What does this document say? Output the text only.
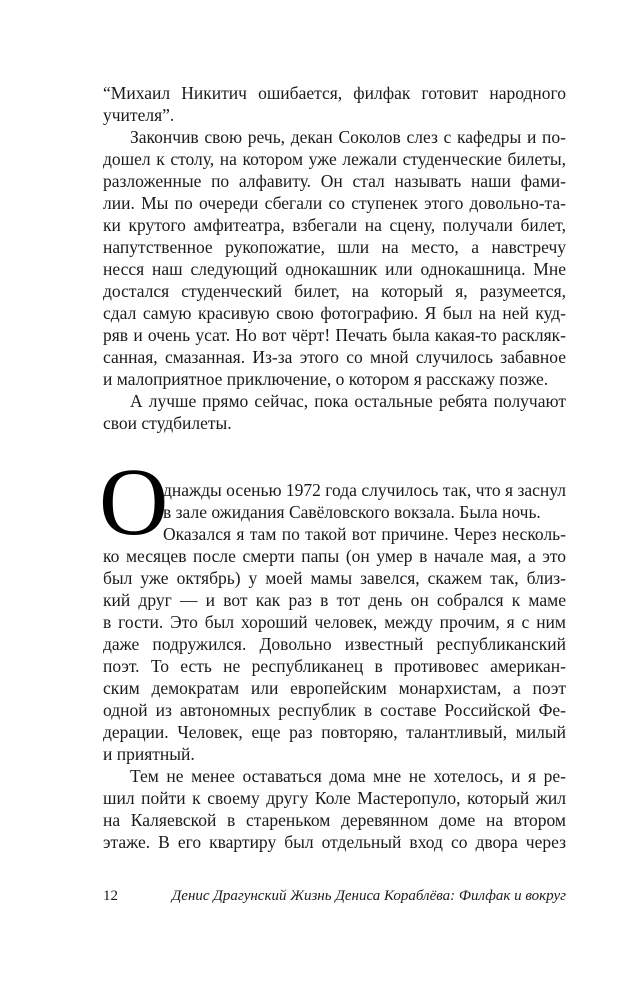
“Михаил Никитич ошибается, филфак готовит народного
учителя”.
Закончив свою речь, декан Соколов слез с кафедры и по-
дошел к столу, на котором уже лежали студенческие билеты,
разложенные по алфавиту. Он стал называть наши фами-
лии. Мы по очереди сбегали со ступенек этого довольно-та-
ки крутого амфитеатра, взбегали на сцену, получали билет,
напутственное рукопожатие, шли на место, а навстречу
несся наш следующий однокашник или однокашница. Мне
достался студенческий билет, на который я, разумеется,
сдал самую красивую свою фотографию. Я был на ней куд-
ряв и очень усат. Но вот чёрт! Печать была какая-то раскляк-
санная, смазанная. Из-за этого со мной случилось забавное
и малоприятное приключение, о котором я расскажу позже.
А лучше прямо сейчас, пока остальные ребята получают
свои студбилеты.
О
днажды осенью 1972 года случилось так, что я заснул
в зале ожидания Савёловского вокзала. Была ночь.
Оказался я там по такой вот причине. Через несколь-
ко месяцев после смерти папы (он умер в начале мая, а это
был уже октябрь) у моей мамы завелся, скажем так, близ-
кий друг — и вот как раз в тот день он собрался к маме
в гости. Это был хороший человек, между прочим, я с ним
даже подружился. Довольно известный республиканский
поэт. То есть не республиканец в противовес американ-
ским демократам или европейским монархистам, а поэт
одной из автономных республик в составе Российской Фе-
дерации. Человек, еще раз повторяю, талантливый, милый
и приятный.
Тем не менее оставаться дома мне не хотелось, и я ре-
шил пойти к своему другу Коле Мастеропуло, который жил
на Каляевской в стареньком деревянном доме на втором
этаже. В его квартиру был отдельный вход со двора через
12	Денис Драгунский Жизнь Дениса Кораблёва: Филфак и вокруг
